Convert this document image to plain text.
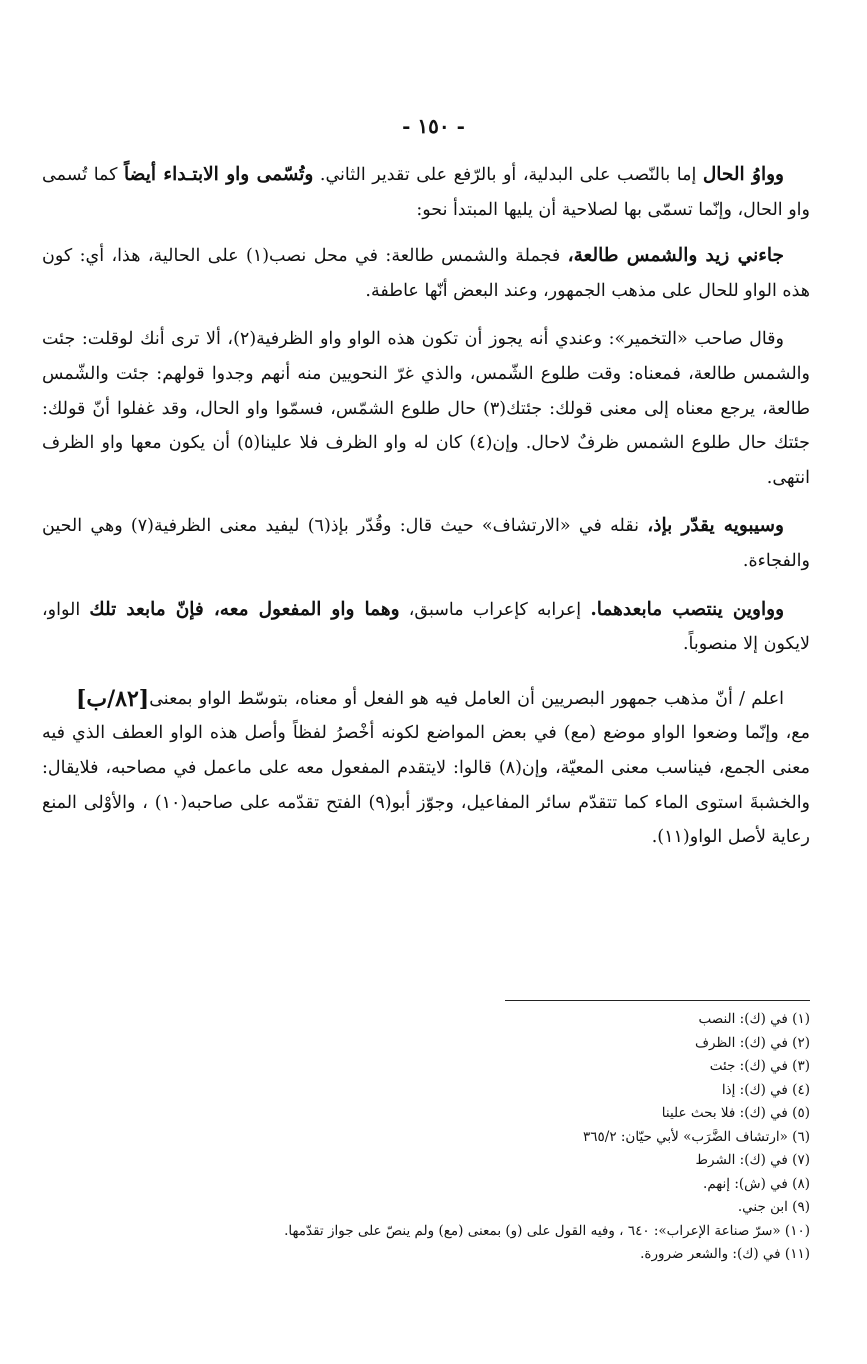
- ١٥٠ -

وواوُ الحال إما بالنّصب على البدلية، أو بالرّفع على تقدير الثاني. وتُسّمى واو الابتـداء أيضاً كما تُسمى واو الحال، وإنّما تسمّى بها لصلاحية أن يليها المبتدأ نحو:

جاءني زيد والشمس طالعة، فجملة والشمس طالعة: في محل نصب(١) على الحالية، هذا، أي: كون هذه الواو للحال على مذهب الجمهور، وعند البعض أنّها عاطفة.

وقال صاحب «التخمير»: وعندي أنه يجوز أن تكون هذه الواو واو الظرفية(٢)، ألا ترى أنك لوقلت: جئت والشمس طالعة، فمعناه: وقت طلوع الشّمس، والذي غرّ النحويين منه أنهم وجدوا قولهم: جئت والشّمس طالعة، يرجع معناه إلى معنى قولك: جئتك(٣) حال طلوع الشمّس، فسمّوا واو الحال، وقد غفلوا أنّ قولك: جئتك حال طلوع الشمس ظرفٌ لاحال. وإن(٤) كان له واو الظرف فلا علينا(٥) أن يكون معها واو الظرف انتهى.

وسيبويه يقدّر بإذ، نقله في «الارتشاف» حيث قال: وقُدّر بإذ(٦) ليفيد معنى الظرفية(٧) وهي الحين والفجاءة.

وواوين ينتصب مابعدهما. إعرابه كإعراب ماسبق، وهما واو المفعول معه، فإنّ مابعد تلك الواو، لايكون إلا منصوباً.

[٨٢/ب] اعلم / أنّ مذهب جمهور البصريين أن العامل فيه هو الفعل أو معناه، بتوسّط الواو بمعنى مع، وإنّما وضعوا الواو موضع (مع) في بعض المواضع لكونه أخْصرُ لفظاً وأصل هذه الواو العطف الذي فيه معنى الجمع، فيناسب معنى المعيّة، وإن(٨) قالوا: لايتقدم المفعول معه على ماعمل في مصاحبه، فلايقال: والخشبةَ استوى الماء كما تتقدّم سائر المفاعيل، وجوّز أبو(٩) الفتح تقدّمه على صاحبه(١٠) ، والأوْلى المنع رعاية لأصل الواو(١١).

(١) في (ك): النصب
(٢) في (ك): الظرف
(٣) في (ك): جئت
(٤) في (ك): إذا
(٥) في (ك): فلا بحث علينا
(٦) «ارتشاف الضَّرَب» لأبي حيّان: ٣٦٥/٢
(٧) في (ك): الشرط
(٨) في (ش): إنهم.
(٩) ابن جني.
(١٠) «سرّ صناعة الإعراب»: ٦٤٠ ، وفيه القول على (و) بمعنى (مع) ولم ينصّ على جواز تقدّمها.
(١١) في (ك): والشعر ضرورة.
